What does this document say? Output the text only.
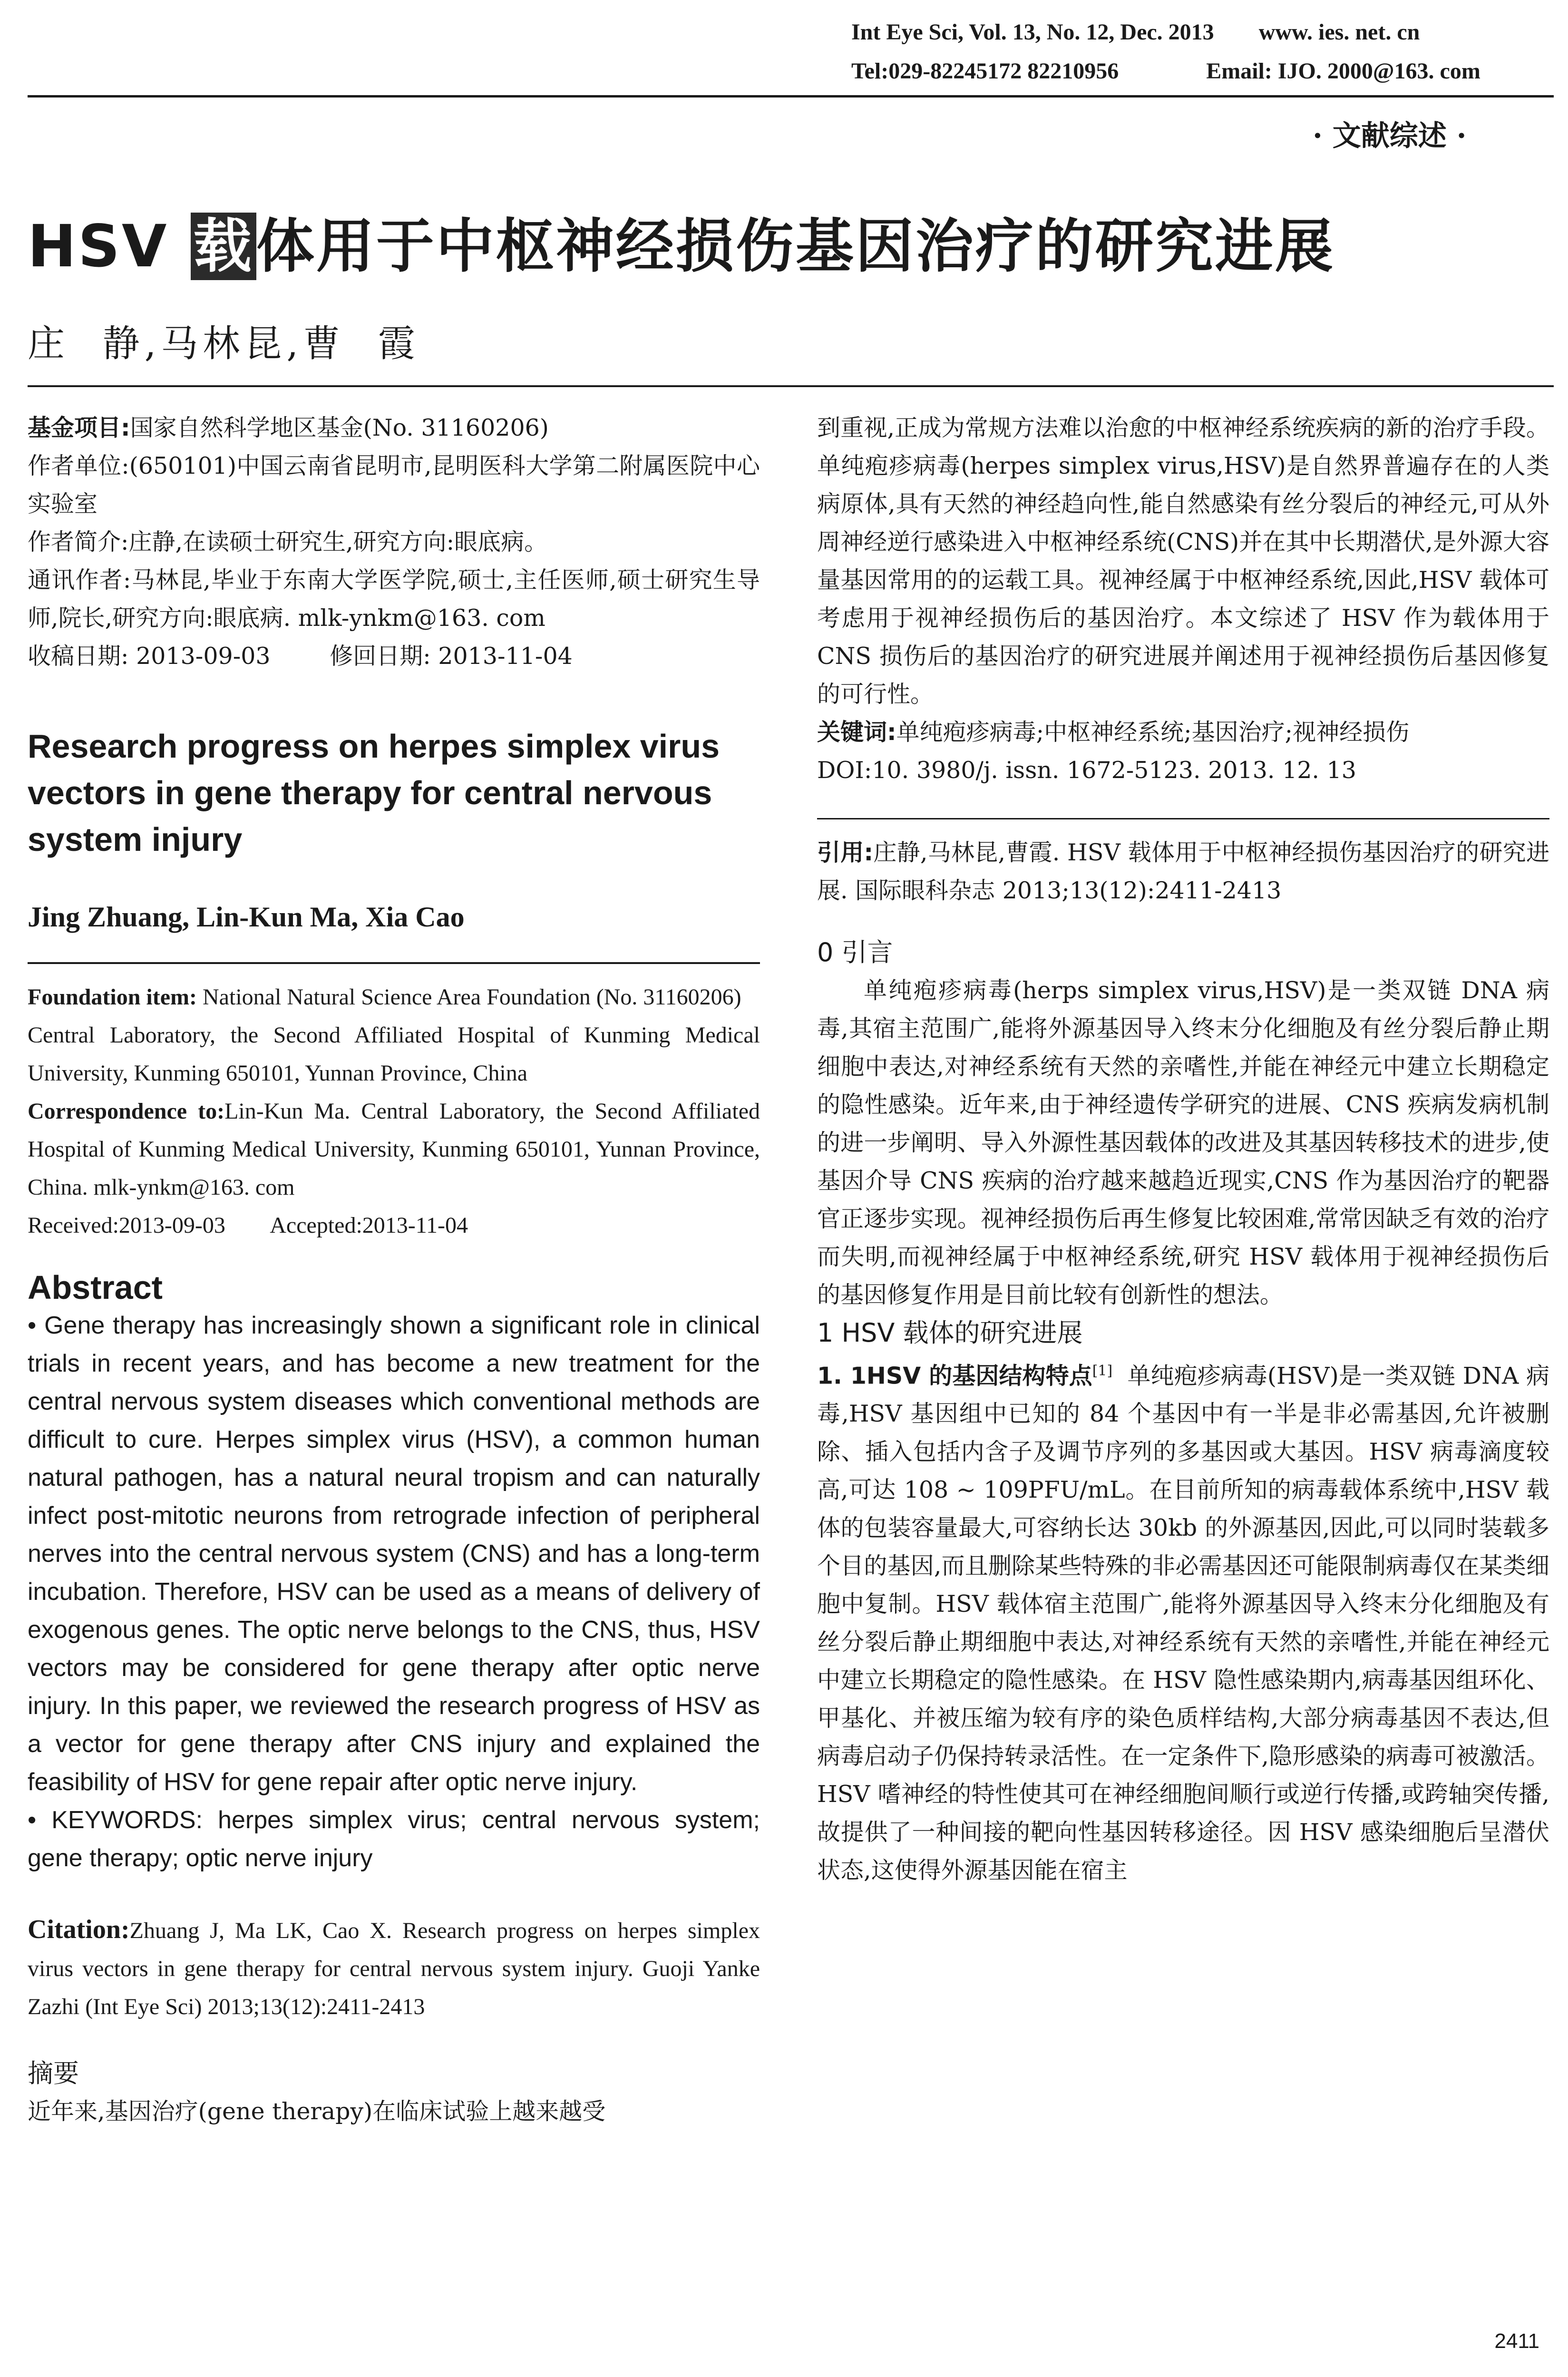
Int Eye Sci, Vol. 13, No. 12, Dec. 2013 www. ies. net. cn
Tel:029-82245172 82210956	Email: IJO. 2000@163. com
· 文献综述 ·
HSV 载体用于中枢神经损伤基因治疗的研究进展
庄  静,马林昆,曹  霞

基金项目:国家自然科学地区基金(No. 31160206)

作者单位:(650101)中国云南省昆明市,昆明医科大学第二附属医院中心实验室

作者简介:庄静,在读硕士研究生,研究方向:眼底病。

通讯作者:马林昆,毕业于东南大学医学院,硕士,主任医师,硕士研究生导师,院长,研究方向:眼底病. mlk-ynkm@163. com

收稿日期: 2013-09-03        修回日期: 2013-11-04

Research progress on herpes simplex virus vectors in gene therapy for central nervous system injury

Jing Zhuang, Lin-Kun Ma, Xia Cao

Foundation item: National Natural Science Area Foundation (No. 31160206)

Central Laboratory, the Second Affiliated Hospital of Kunming Medical University, Kunming 650101, Yunnan Province, China

Correspondence to:Lin-Kun Ma. Central Laboratory, the Second Affiliated Hospital of Kunming Medical University, Kunming 650101, Yunnan Province, China. mlk-ynkm@163. com

Received:2013-09-03        Accepted:2013-11-04

Abstract

• Gene therapy has increasingly shown a significant role in clinical trials in recent years, and has become a new treatment for the central nervous system diseases which conventional methods are difficult to cure. Herpes simplex virus (HSV), a common human natural pathogen, has a natural neural tropism and can naturally infect post-mitotic neurons from retrograde infection of peripheral nerves into the central nervous system (CNS) and has a long-term incubation. Therefore, HSV can be used as a means of delivery of exogenous genes. The optic nerve belongs to the CNS, thus, HSV vectors may be considered for gene therapy after optic nerve injury. In this paper, we reviewed the research progress of HSV as a vector for gene therapy after CNS injury and explained the feasibility of HSV for gene repair after optic nerve injury.

• KEYWORDS: herpes simplex virus; central nervous system; gene therapy; optic nerve injury

Citation:Zhuang J, Ma LK, Cao X. Research progress on herpes simplex virus vectors in gene therapy for central nervous system injury. Guoji Yanke Zazhi (Int Eye Sci) 2013;13(12):2411-2413

摘要

近年来,基因治疗(gene therapy)在临床试验上越来越受

到重视,正成为常规方法难以治愈的中枢神经系统疾病的新的治疗手段。单纯疱疹病毒(herpes simplex virus,HSV)是自然界普遍存在的人类病原体,具有天然的神经趋向性,能自然感染有丝分裂后的神经元,可从外周神经逆行感染进入中枢神经系统(CNS)并在其中长期潜伏,是外源大容量基因常用的的运载工具。视神经属于中枢神经系统,因此,HSV 载体可考虑用于视神经损伤后的基因治疗。本文综述了 HSV 作为载体用于 CNS 损伤后的基因治疗的研究进展并阐述用于视神经损伤后基因修复的可行性。

关键词:单纯疱疹病毒;中枢神经系统;基因治疗;视神经损伤

DOI:10. 3980/j. issn. 1672-5123. 2013. 12. 13

引用:庄静,马林昆,曹霞. HSV 载体用于中枢神经损伤基因治疗的研究进展. 国际眼科杂志 2013;13(12):2411-2413

0 引言

单纯疱疹病毒(herps simplex virus,HSV)是一类双链 DNA 病毒,其宿主范围广,能将外源基因导入终末分化细胞及有丝分裂后静止期细胞中表达,对神经系统有天然的亲嗜性,并能在神经元中建立长期稳定的隐性感染。近年来,由于神经遗传学研究的进展、CNS 疾病发病机制的进一步阐明、导入外源性基因载体的改进及其基因转移技术的进步,使基因介导 CNS 疾病的治疗越来越趋近现实,CNS 作为基因治疗的靶器官正逐步实现。视神经损伤后再生修复比较困难,常常因缺乏有效的治疗而失明,而视神经属于中枢神经系统,研究 HSV 载体用于视神经损伤后的基因修复作用是目前比较有创新性的想法。

1 HSV 载体的研究进展

1. 1HSV 的基因结构特点[1] 单纯疱疹病毒(HSV)是一类双链 DNA 病毒,HSV 基因组中已知的 84 个基因中有一半是非必需基因,允许被删除、插入包括内含子及调节序列的多基因或大基因。HSV 病毒滴度较高,可达 108 ~ 109PFU/mL。在目前所知的病毒载体系统中,HSV 载体的包装容量最大,可容纳长达 30kb 的外源基因,因此,可以同时装载多个目的基因,而且删除某些特殊的非必需基因还可能限制病毒仅在某类细胞中复制。HSV 载体宿主范围广,能将外源基因导入终末分化细胞及有丝分裂后静止期细胞中表达,对神经系统有天然的亲嗜性,并能在神经元中建立长期稳定的隐性感染。在 HSV 隐性感染期内,病毒基因组环化、甲基化、并被压缩为较有序的染色质样结构,大部分病毒基因不表达,但病毒启动子仍保持转录活性。在一定条件下,隐形感染的病毒可被激活。HSV 嗜神经的特性使其可在神经细胞间顺行或逆行传播,或跨轴突传播,故提供了一种间接的靶向性基因转移途径。因 HSV 感染细胞后呈潜伏状态,这使得外源基因能在宿主

2411
